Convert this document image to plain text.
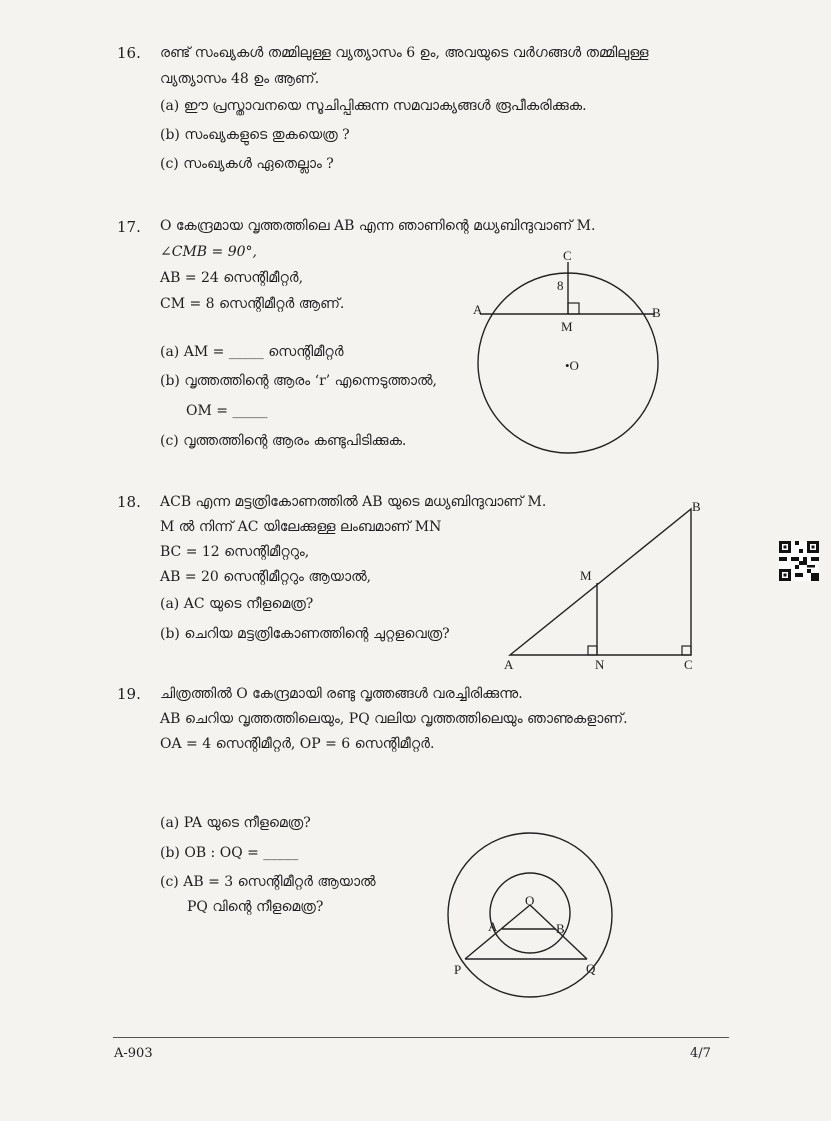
16. രണ്ട് സംഖ്യകൾ തമ്മിലുള്ള വ്യത്യാസം 6 ഉം, അവയുടെ വർഗങ്ങൾ തമ്മിലുള്ള
വ്യത്യാസം 48 ഉം ആണ്.
(a) ഈ പ്രസ്താവനയെ സൂചിപ്പിക്കുന്ന സമവാക്യങ്ങൾ രൂപീകരിക്കുക.
(b) സംഖ്യകളുടെ തുകയെത്ര ?
(c) സംഖ്യകൾ ഏതെല്ലാം ?
17. O കേന്ദ്രമായ വൃത്തത്തിലെ AB എന്ന ഞാണിന്റെ മധ്യബിന്ദുവാണ് M.
∠CMB = 90°,
AB = 24 സെന്റിമീറ്റർ,
CM = 8 സെന്റിമീറ്റർ ആണ്.
(a) AM = _____ സെന്റിമീറ്റർ
(b) വൃത്തത്തിന്റെ ആരം ‘r’ എന്നെടുത്താൽ,
OM = _____
(c) വൃത്തത്തിന്റെ ആരം കണ്ടുപിടിക്കുക.
C
8
A	B
M
•O
18. ACB എന്ന മട്ടത്രികോണത്തിൽ AB യുടെ മധ്യബിന്ദുവാണ് M.
M ൽ നിന്ന് AC യിലേക്കുള്ള ലംബമാണ് MN
BC = 12 സെന്റിമീറ്ററും,
AB = 20 സെന്റിമീറ്ററും ആയാൽ,
(a) AC യുടെ നീളമെത്ര?
(b) ചെറിയ മട്ടത്രികോണത്തിന്റെ ചുറ്റളവെത്ര?
B
M
A	N	C
19. ചിത്രത്തിൽ O കേന്ദ്രമായി രണ്ടു വൃത്തങ്ങൾ വരച്ചിരിക്കുന്നു.
AB ചെറിയ വൃത്തത്തിലെയും, PQ വലിയ വൃത്തത്തിലെയും ഞാണുകളാണ്.
OA = 4 സെന്റിമീറ്റർ, OP = 6 സെന്റിമീറ്റർ.
(a) PA യുടെ നീളമെത്ര?
(b) OB : OQ = _____
(c) AB = 3 സെന്റിമീറ്റർ ആയാൽ
PQ വിന്റെ നീളമെത്ര?	O
A	B
P	Q
A-903	4/7
